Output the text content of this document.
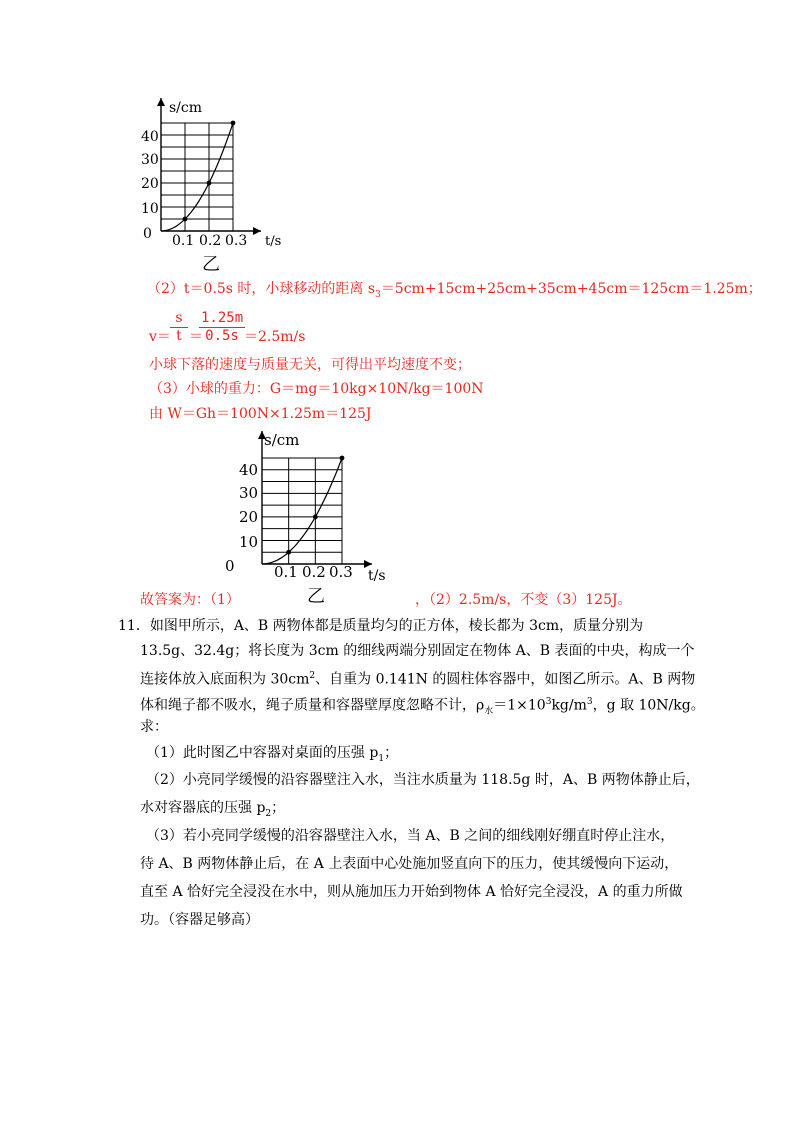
s/cm
t/s
0
10
20
30
40
0.1 0.2 0.3
乙
（2）t＝0.5s 时，小球移动的距离 $s_3=5cm+15cm+25cm+35cm+45cm=125cm=1.25m$；
$v= \frac{s}{t}$ ＝
$\frac{1.25m}{0.5s} =2.5m/s$
小球下落的速度与质量无关，可得出平均速度不变；
（3）小球的重力：G＝mg＝10kg×10N/kg＝100N
由 W＝Gh＝100N×1.25m＝125J
s/cm
t/s
0
10
20
30
40
0.1 0.2 0.3
乙
故答案为：（1）	，（2）2.5m/s，不变（3）125J。
11．如图甲所示，A、B 两物体都是质量均匀的正方体，棱长都为 3cm，质量分别为
13.5g、32.4g；将长度为 3cm 的细线两端分别固定在物体 A、B 表面的中央，构成一个
连接体放入底面积为 $30cm^2$、自重为 0.141N 的圆柱体容器中，如图乙所示。A、B 两物
体和绳子都不吸水，绳子质量和容器壁厚度忽略不计，$\rho_水=1\times 10^3kg/m^3$，g 取 10N/kg。
求：
（1）此时图乙中容器对桌面的压强 $p_1$；
（2）小亮同学缓慢的沿容器壁注入水，当注水质量为 118.5g 时，A、B 两物体静止后，
水对容器底的压强 $p_2$；
（3）若小亮同学缓慢的沿容器壁注入水，当 A、B 之间的细线刚好绷直时停止注水，
待 A、B 两物体静止后，在 A 上表面中心处施加竖直向下的压力，使其缓慢向下运动，
直至 A 恰好完全浸没在水中，则从施加压力开始到物体 A 恰好完全浸没，A 的重力所做
功。（容器足够高）
